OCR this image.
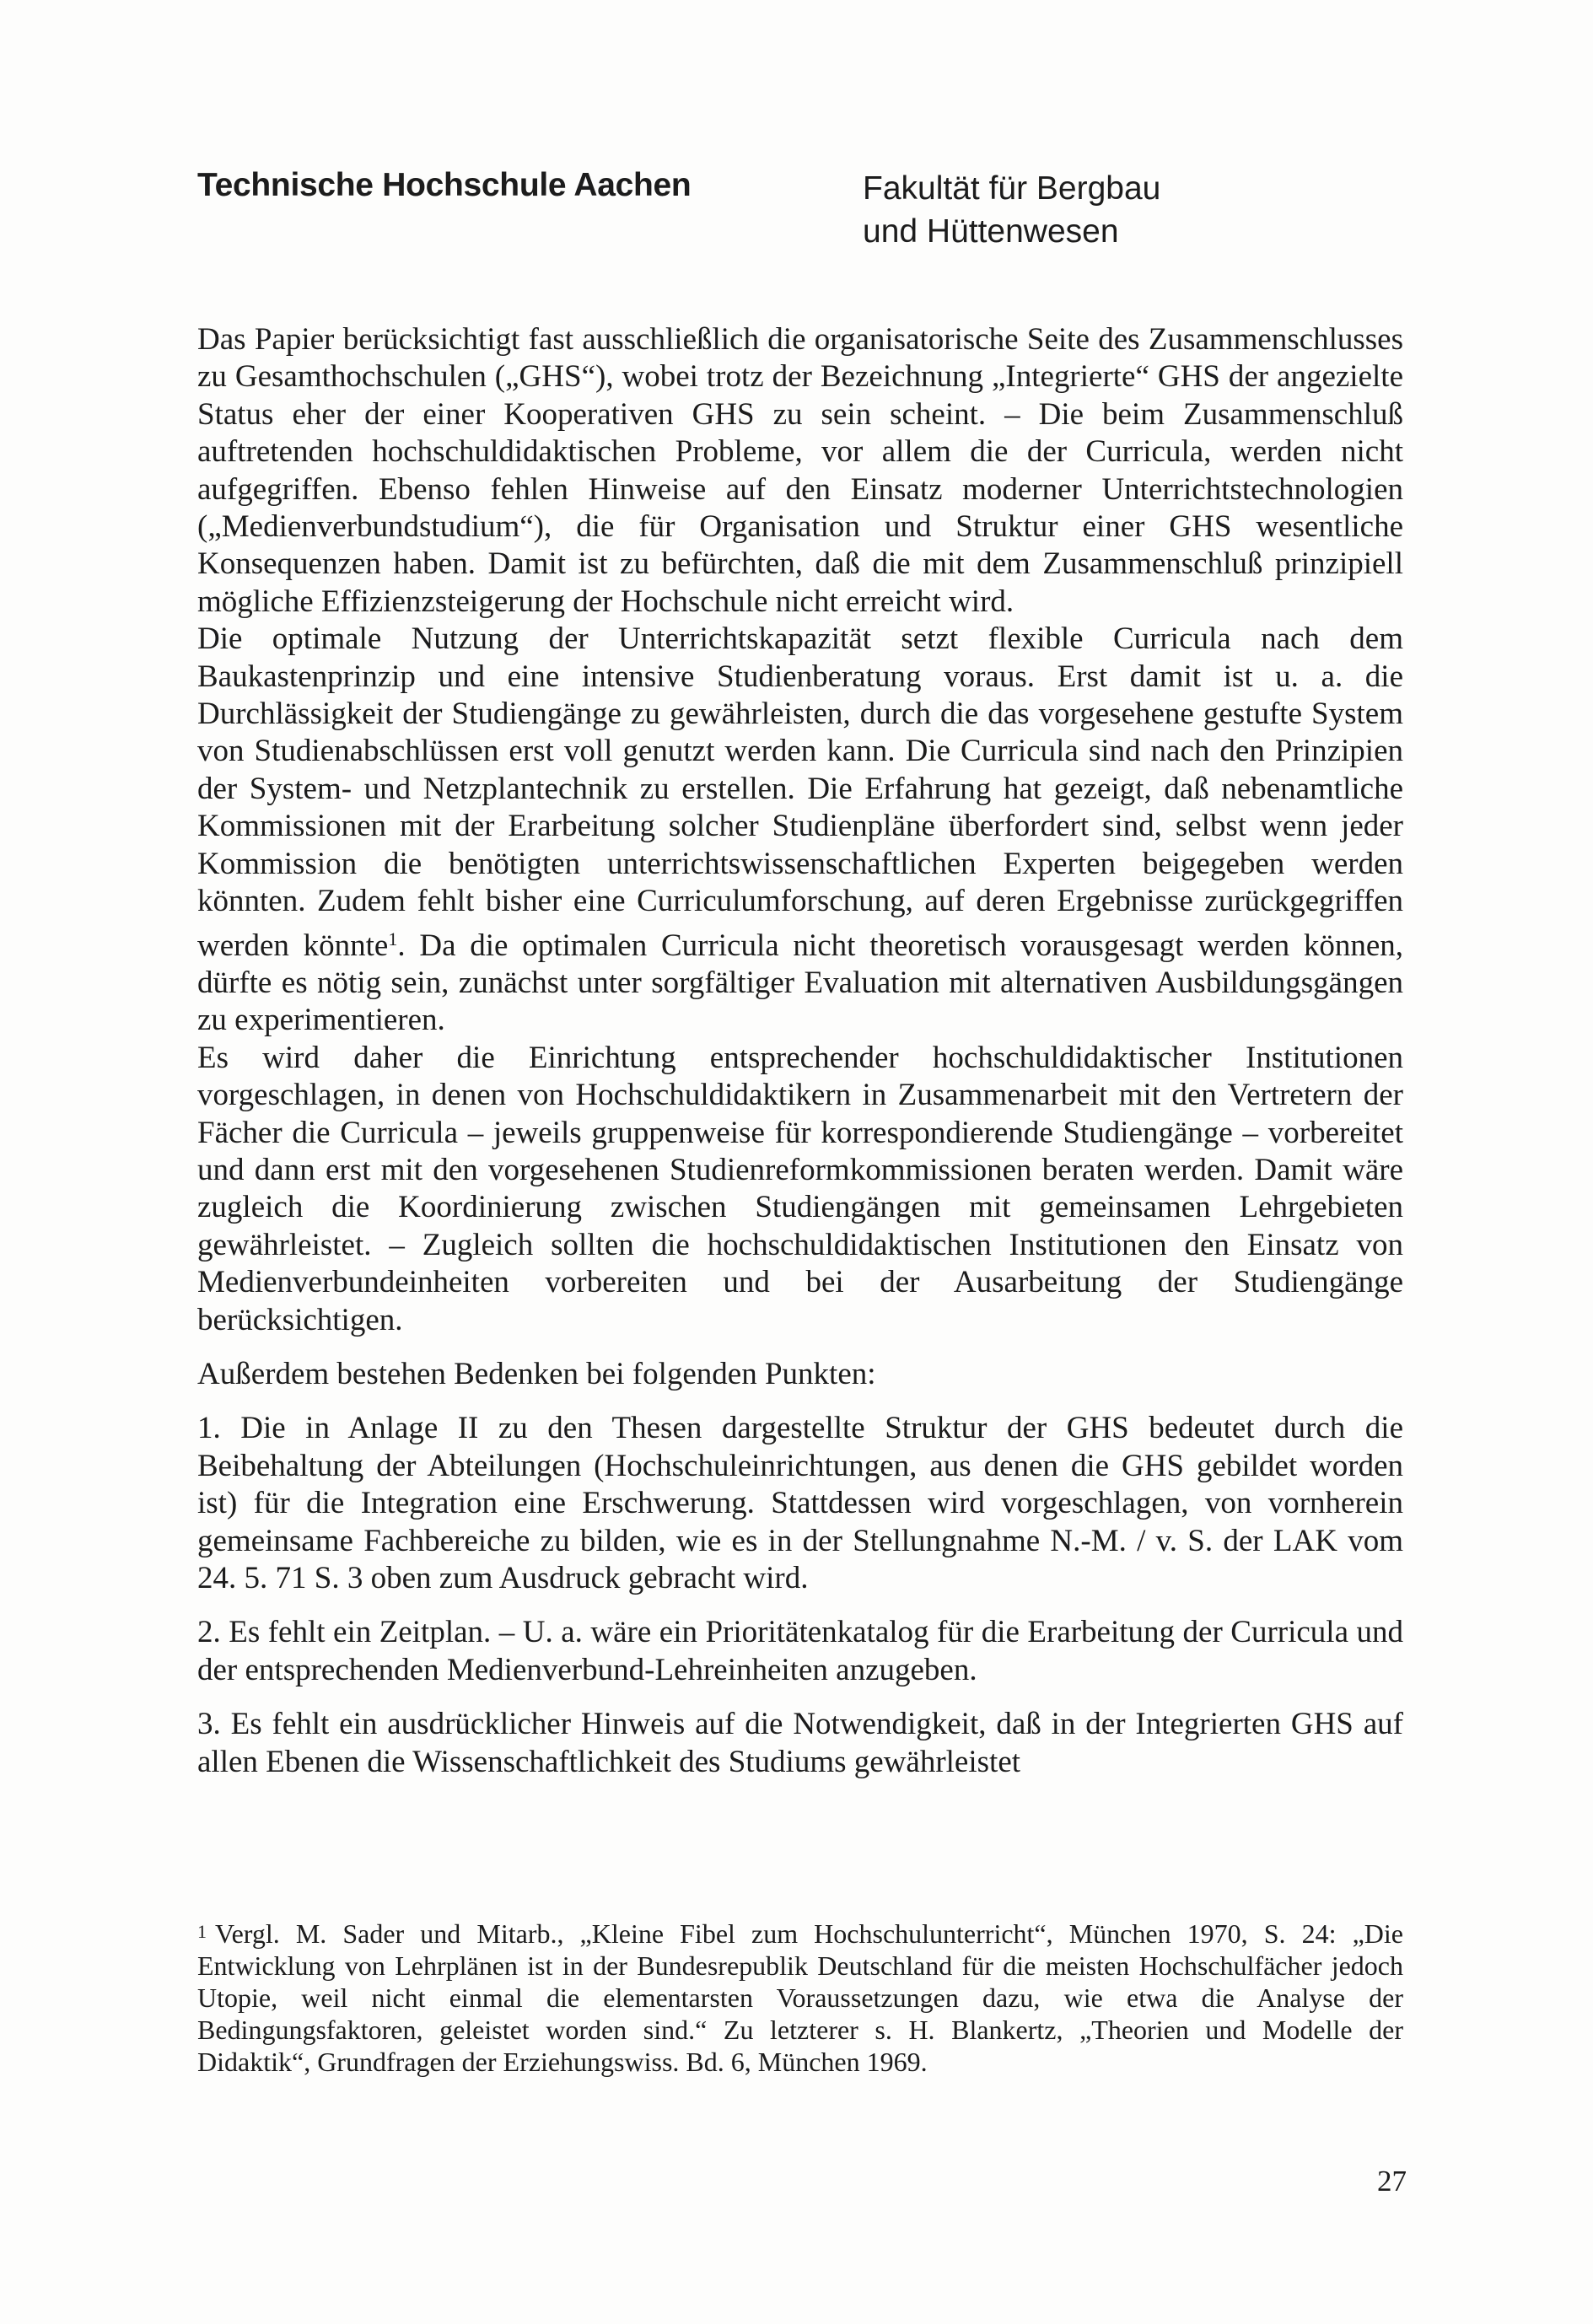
Technische Hochschule Aachen	Fakultät für Bergbau
und Hüttenwesen

Das Papier berücksichtigt fast ausschließlich die organisatorische Seite des Zusammenschlusses zu Gesamthochschulen („GHS“), wobei trotz der Bezeichnung „Integrierte“ GHS der angezielte Status eher der einer Kooperativen GHS zu sein scheint. – Die beim Zusammenschluß auftretenden hochschuldidaktischen Probleme, vor allem die der Curricula, werden nicht aufgegriffen. Ebenso fehlen Hinweise auf den Einsatz moderner Unterrichtstechnologien („Medienverbundstudium“), die für Organisation und Struktur einer GHS wesentliche Konsequenzen haben. Damit ist zu befürchten, daß die mit dem Zusammenschluß prinzipiell mögliche Effizienzsteigerung der Hochschule nicht erreicht wird.

Die optimale Nutzung der Unterrichtskapazität setzt flexible Curricula nach dem Baukastenprinzip und eine intensive Studienberatung voraus. Erst damit ist u. a. die Durchlässigkeit der Studiengänge zu gewährleisten, durch die das vorgesehene gestufte System von Studienabschlüssen erst voll genutzt werden kann. Die Curricula sind nach den Prinzipien der System- und Netzplantechnik zu erstellen. Die Erfahrung hat gezeigt, daß nebenamtliche Kommissionen mit der Erarbeitung solcher Studienpläne überfordert sind, selbst wenn jeder Kommission die benötigten unterrichtswissenschaftlichen Experten beigegeben werden könnten. Zudem fehlt bisher eine Curriculumforschung, auf deren Ergebnisse zurückgegriffen werden könnte$^1$. Da die optimalen Curricula nicht theoretisch vorausgesagt werden können, dürfte es nötig sein, zunächst unter sorgfältiger Evaluation mit alternativen Ausbildungsgängen zu experimentieren.

Es wird daher die Einrichtung entsprechender hochschuldidaktischer Institutionen vorgeschlagen, in denen von Hochschuldidaktikern in Zusammenarbeit mit den Vertretern der Fächer die Curricula – jeweils gruppenweise für korrespondierende Studiengänge – vorbereitet und dann erst mit den vorgesehenen Studienreformkommissionen beraten werden. Damit wäre zugleich die Koordinierung zwischen Studiengängen mit gemeinsamen Lehrgebieten gewährleistet. – Zugleich sollten die hochschuldidaktischen Institutionen den Einsatz von Medienverbundeinheiten vorbereiten und bei der Ausarbeitung der Studiengänge berücksichtigen.

Außerdem bestehen Bedenken bei folgenden Punkten:

1. Die in Anlage II zu den Thesen dargestellte Struktur der GHS bedeutet durch die Beibehaltung der Abteilungen (Hochschuleinrichtungen, aus denen die GHS gebildet worden ist) für die Integration eine Erschwerung. Stattdessen wird vorgeschlagen, von vornherein gemeinsame Fachbereiche zu bilden, wie es in der Stellungnahme N.-M. / v. S. der LAK vom 24. 5. 71 S. 3 oben zum Ausdruck gebracht wird.

2. Es fehlt ein Zeitplan. – U. a. wäre ein Prioritätenkatalog für die Erarbeitung der Curricula und der entsprechenden Medienverbund-Lehreinheiten anzugeben.

3. Es fehlt ein ausdrücklicher Hinweis auf die Notwendigkeit, daß in der Integrierten GHS auf allen Ebenen die Wissenschaftlichkeit des Studiums gewährleistet

1 Vergl. M. Sader und Mitarb., „Kleine Fibel zum Hochschulunterricht“, München 1970, S. 24: „Die Entwicklung von Lehrplänen ist in der Bundesrepublik Deutschland für die meisten Hochschulfächer jedoch Utopie, weil nicht einmal die elementarsten Voraussetzungen dazu, wie etwa die Analyse der Bedingungsfaktoren, geleistet worden sind.“ Zu letzterer s. H. Blankertz, „Theorien und Modelle der Didaktik“, Grundfragen der Erziehungswiss. Bd. 6, München 1969.

27
